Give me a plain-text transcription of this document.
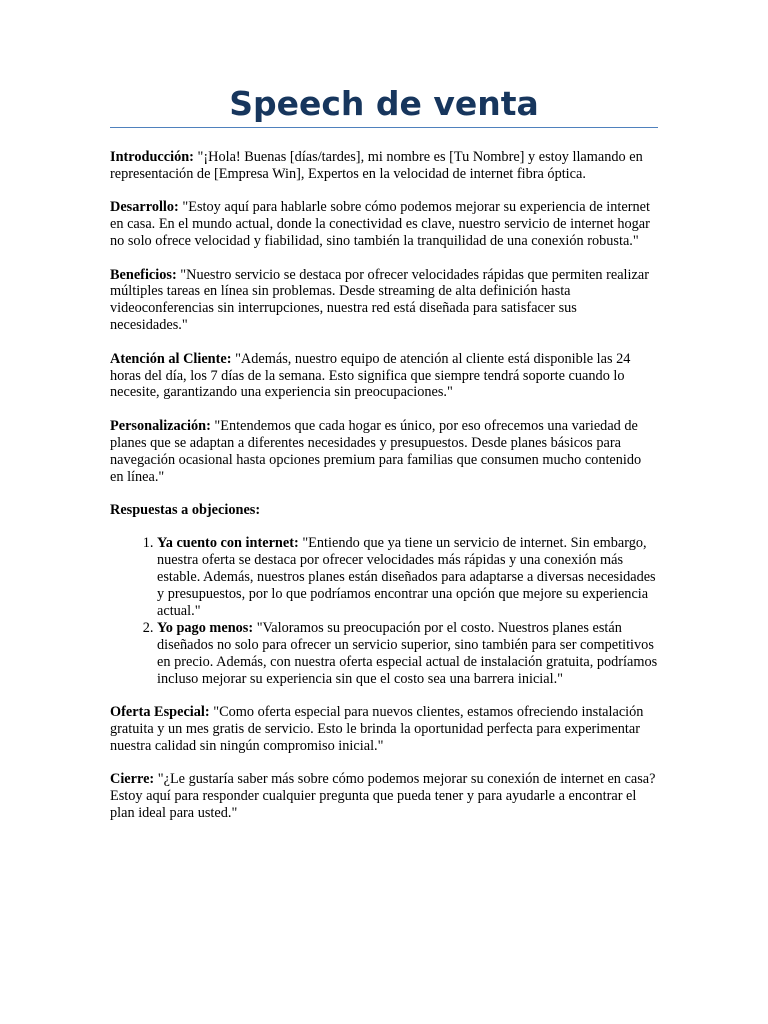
Speech de venta

Introducción: "¡Hola! Buenas [días/tardes], mi nombre es [Tu Nombre] y estoy llamando en representación de [Empresa Win], Expertos en la velocidad de internet fibra óptica.

Desarrollo: "Estoy aquí para hablarle sobre cómo podemos mejorar su experiencia de internet en casa. En el mundo actual, donde la conectividad es clave, nuestro servicio de internet hogar no solo ofrece velocidad y fiabilidad, sino también la tranquilidad de una conexión robusta."

Beneficios: "Nuestro servicio se destaca por ofrecer velocidades rápidas que permiten realizar múltiples tareas en línea sin problemas. Desde streaming de alta definición hasta videoconferencias sin interrupciones, nuestra red está diseñada para satisfacer sus necesidades."

Atención al Cliente: "Además, nuestro equipo de atención al cliente está disponible las 24 horas del día, los 7 días de la semana. Esto significa que siempre tendrá soporte cuando lo necesite, garantizando una experiencia sin preocupaciones."

Personalización: "Entendemos que cada hogar es único, por eso ofrecemos una variedad de planes que se adaptan a diferentes necesidades y presupuestos. Desde planes básicos para navegación ocasional hasta opciones premium para familias que consumen mucho contenido en línea."

Respuestas a objeciones:

1. Ya cuento con internet: "Entiendo que ya tiene un servicio de internet. Sin embargo, nuestra oferta se destaca por ofrecer velocidades más rápidas y una conexión más estable. Además, nuestros planes están diseñados para adaptarse a diversas necesidades y presupuestos, por lo que podríamos encontrar una opción que mejore su experiencia actual."
2. Yo pago menos: "Valoramos su preocupación por el costo. Nuestros planes están diseñados no solo para ofrecer un servicio superior, sino también para ser competitivos en precio. Además, con nuestra oferta especial actual de instalación gratuita, podríamos incluso mejorar su experiencia sin que el costo sea una barrera inicial."

Oferta Especial: "Como oferta especial para nuevos clientes, estamos ofreciendo instalación gratuita y un mes gratis de servicio. Esto le brinda la oportunidad perfecta para experimentar nuestra calidad sin ningún compromiso inicial."

Cierre: "¿Le gustaría saber más sobre cómo podemos mejorar su conexión de internet en casa? Estoy aquí para responder cualquier pregunta que pueda tener y para ayudarle a encontrar el plan ideal para usted."
